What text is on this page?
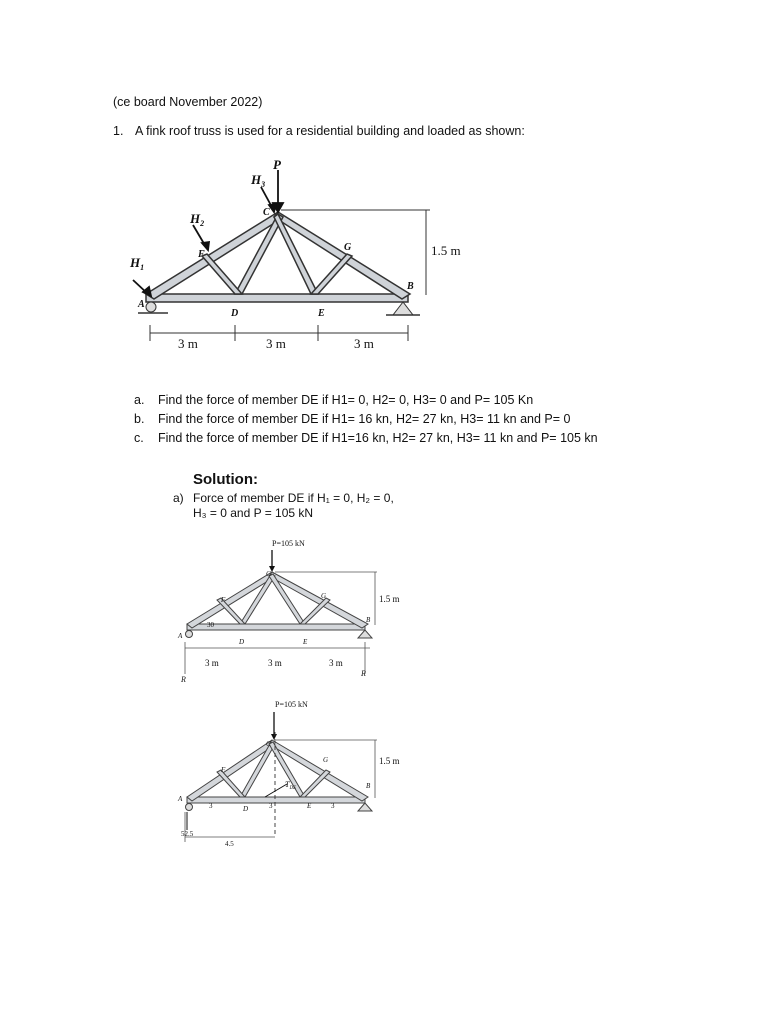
(ce board November 2022)
1. A fink roof truss is used for a residential building and loaded as shown:
P
$H_3$
$H_2$
$H_1$
C
F
G
A
B
D	E
1.5 m
3 m	3 m	3 m
a. Find the force of member DE if H1= 0, H2= 0, H3= 0 and P= 105 Kn
b. Find the force of member DE if H1= 16 kn, H2= 27 kn, H3= 11 kn and P= 0
c. Find the force of member DE if H1=16 kn, H2= 27 kn, H3= 11 kn and P= 105 kn
Solution:
a) Force of member DE if H₁ = 0, H₂ = 0,
H₃ = 0 and P = 105 kN
P=105 kN
1.5 m
30
3 m	3 m	3 m
R
R
C
F	G
A
B
D	E
P=105 kN
1.5 m
52.5
4.5
$T_{DE}$
3	3	3
C
F
G
A
B
D	E
